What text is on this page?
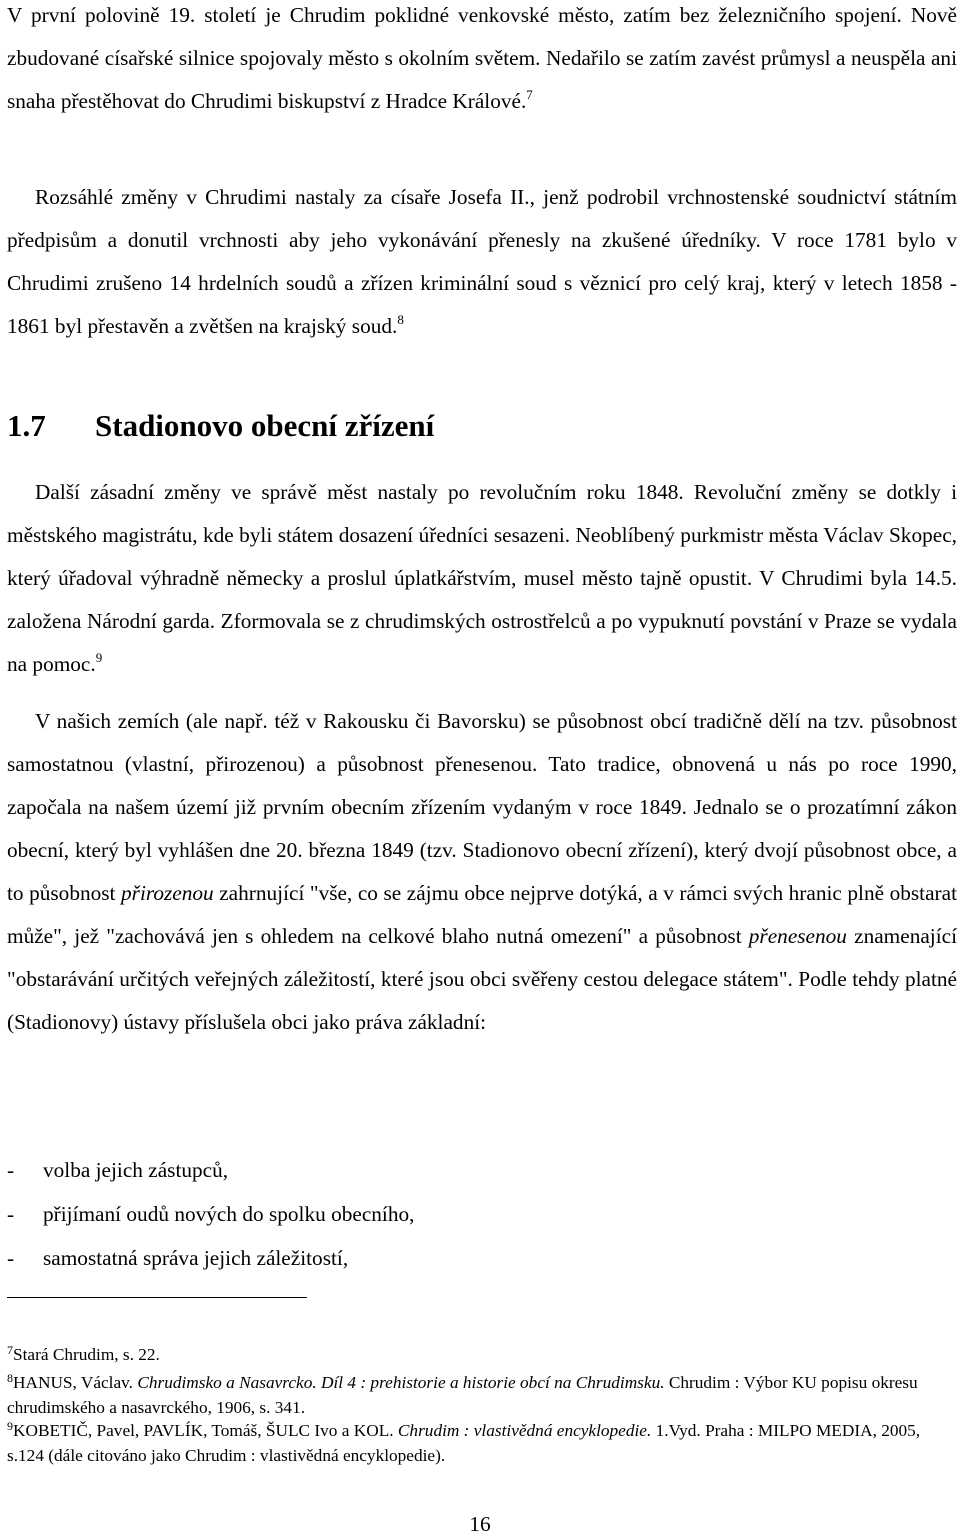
V první polovině 19. století je Chrudim poklidné venkovské město, zatím bez železničního spojení. Nově zbudované císařské silnice spojovaly město s okolním světem. Nedařilo se zatím zavést průmysl a neuspěla ani snaha přestěhovat do Chrudimi biskupství z Hradce Králové.$^7$

Rozsáhlé změny v Chrudimi nastaly za císaře Josefa II., jenž podrobil vrchnostenské soudnictví státním předpisům a donutil vrchnosti aby jeho vykonávání přenesly na zkušené úředníky. V roce 1781 bylo v Chrudimi zrušeno 14 hrdelních soudů a zřízen kriminální soud s věznicí pro celý kraj, který v letech 1858 - 1861 byl přestavěn a zvětšen na krajský soud.$^8$

1.7 Stadionovo obecní zřízení

Další zásadní změny ve správě měst nastaly po revolučním roku 1848. Revoluční změny se dotkly i městského magistrátu, kde byli státem dosazení úředníci sesazeni. Neoblíbený purkmistr města Václav Skopec, který úřadoval výhradně německy a proslul úplatkářstvím, musel město tajně opustit. V Chrudimi byla 14.5. založena Národní garda. Zformovala se z chrudimských ostrostřelců a po vypuknutí povstání v Praze se vydala na pomoc.$^9$

V našich zemích (ale např. též v Rakousku či Bavorsku) se působnost obcí tradičně dělí na tzv. působnost samostatnou (vlastní, přirozenou) a působnost přenesenou. Tato tradice, obnovená u nás po roce 1990, započala na našem území již prvním obecním zřízením vydaným v roce 1849. Jednalo se o prozatímní zákon obecní, který byl vyhlášen dne 20. března 1849 (tzv. Stadionovo obecní zřízení), který dvojí působnost obce, a to působnost přirozenou zahrnující "vše, co se zájmu obce nejprve dotýká, a v rámci svých hranic plně obstarat může", jež "zachovává jen s ohledem na celkové blaho nutná omezení" a působnost přenesenou znamenající "obstarávání určitých veřejných záležitostí, které jsou obci svěřeny cestou delegace státem". Podle tehdy platné (Stadionovy) ústavy příslušela obci jako práva základní:

- volba jejich zástupců,
- přijímaní oudů nových do spolku obecního,
- samostatná správa jejich záležitostí,

$^7$Stará Chrudim, s. 22.

$^8$HANUS, Václav. Chrudimsko a Nasavrcko. Díl 4 : prehistorie a historie obcí na Chrudimsku. Chrudim : Výbor KU popisu okresu chrudimského a nasavrckého, 1906, s. 341.

$^9$KOBETIČ, Pavel, PAVLÍK, Tomáš, ŠULC Ivo a KOL. Chrudim : vlastivědná encyklopedie. 1.Vyd. Praha : MILPO MEDIA, 2005, s.124 (dále citováno jako Chrudim : vlastivědná encyklopedie).

16
